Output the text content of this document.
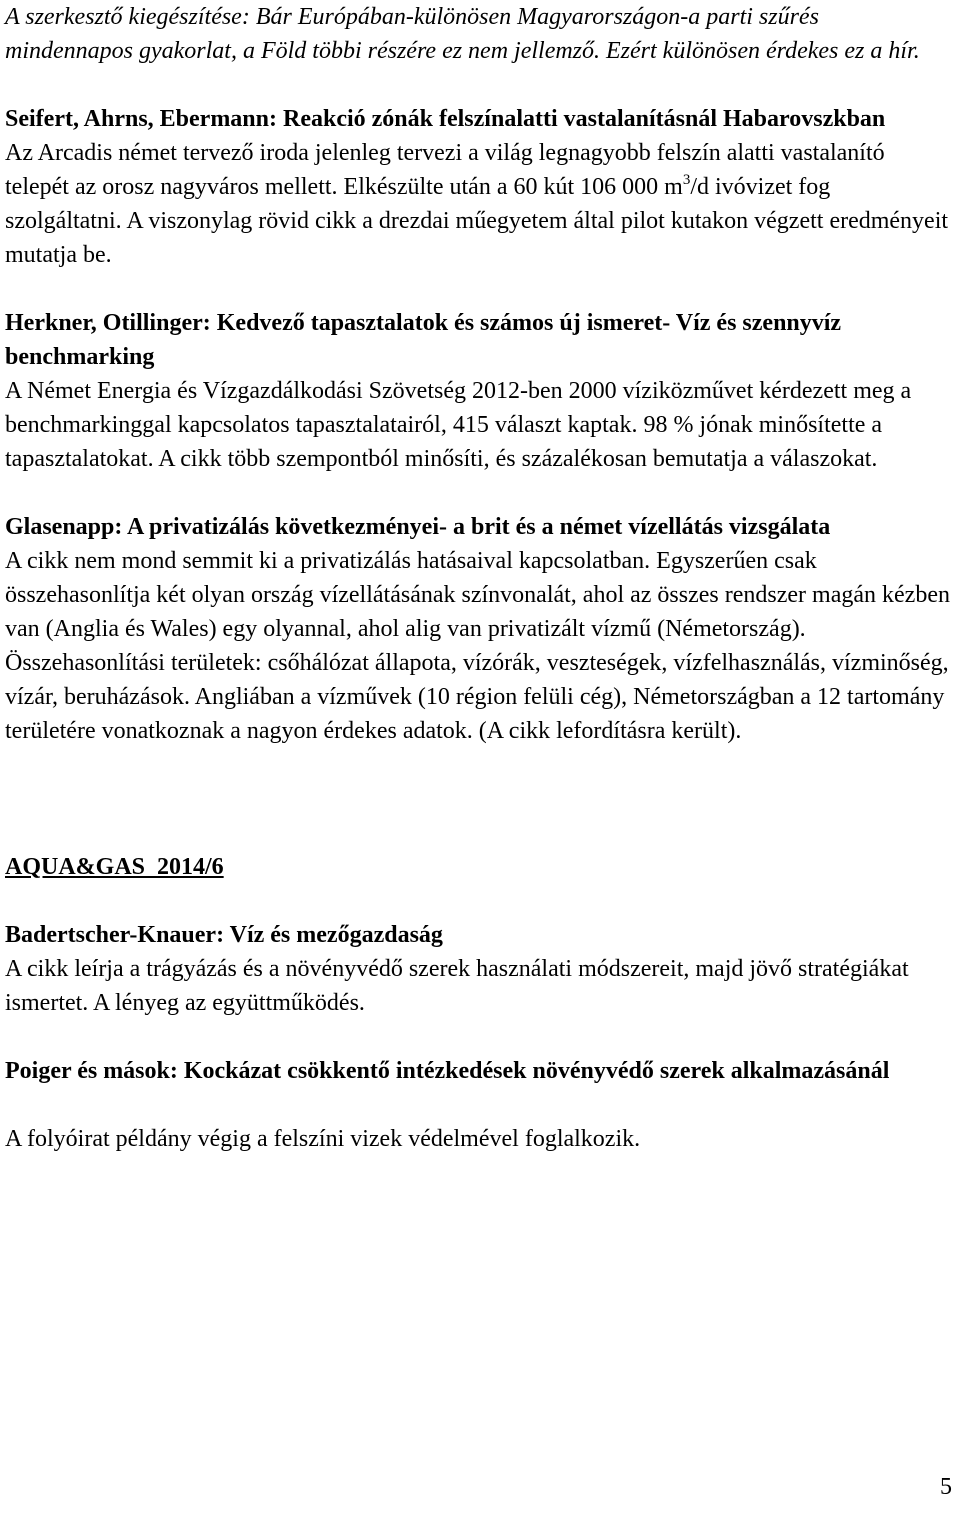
A szerkesztő kiegészítése: Bár Európában-különösen Magyarországon-a parti szűrés mindennapos gyakorlat, a Föld többi részére ez nem jellemző. Ezért különösen érdekes ez a hír.

Seifert, Ahrns, Ebermann: Reakció zónák felszínalatti vastalanításnál Habarovszkban

Az Arcadis német tervező iroda jelenleg tervezi a világ legnagyobb felszín alatti vastalanító telepét az orosz nagyváros mellett. Elkészülte után a 60 kút 106 000 $m^3/d$ ivóvizet fog szolgáltatni. A viszonylag rövid cikk a drezdai műegyetem által pilot kutakon végzett eredményeit mutatja be.

Herkner, Otillinger: Kedvező tapasztalatok és számos új ismeret- Víz és szennyvíz benchmarking

A Német Energia és Vízgazdálkodási Szövetség 2012-ben 2000 víziközművet kérdezett meg a benchmarkinggal kapcsolatos tapasztalatairól, 415 választ kaptak. 98 % jónak minősítette a tapasztalatokat. A cikk több szempontból minősíti, és százalékosan bemutatja a válaszokat.

Glasenapp: A privatizálás következményei- a brit és a német vízellátás vizsgálata

A cikk nem mond semmit ki a privatizálás hatásaival kapcsolatban. Egyszerűen csak összehasonlítja két olyan ország vízellátásának színvonalát, ahol az összes rendszer magán kézben van (Anglia és Wales) egy olyannal, ahol alig van privatizált vízmű (Németország). Összehasonlítási területek: csőhálózat állapota, vízórák, veszteségek, vízfelhasználás, vízminőség, vízár, beruházások. Angliában a vízművek (10 région felüli cég), Németországban a 12 tartomány területére vonatkoznak a nagyon érdekes adatok. (A cikk lefordításra került).

AQUA&GAS  2014/6

Badertscher-Knauer: Víz és mezőgazdaság

A cikk leírja a trágyázás és a növényvédő szerek használati módszereit, majd jövő stratégiákat ismertet. A lényeg az együttműködés.

Poiger és mások: Kockázat csökkentő intézkedések növényvédő szerek alkalmazásánál

A folyóirat példány végig a felszíni vizek védelmével foglalkozik.

5
